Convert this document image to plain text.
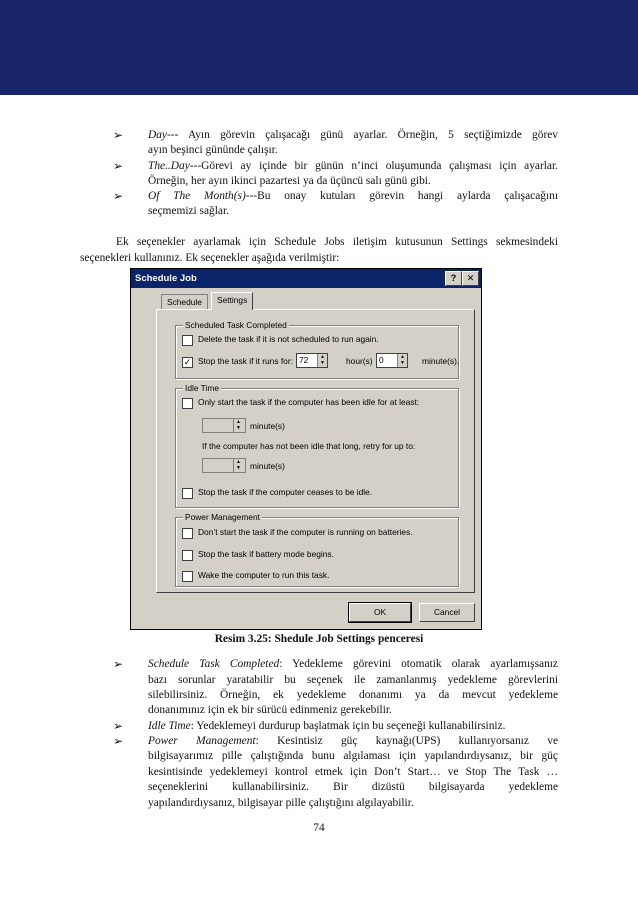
➢ Day--- Ayın görevin çalışacağı günü ayarlar. Örneğin, 5 seçtiğimizde görev
ayın beşinci gününde çalışır.
➢ The..Day---Görevi ay içinde bir günün n’inci oluşumunda çalışması için ayarlar.
Örneğin, her ayın ikinci pazartesi ya da üçüncü salı günü gibi.
➢ Of The Month(s)---Bu onay kutuları görevin hangi aylarda çalışacağını
seçmemizi sağlar.
Ek seçenekler ayarlamak için Schedule Jobs iletişim kutusunun Settings sekmesindeki
seçenekleri kullanınız. Ek seçenekler aşağıda verilmiştir:
Schedule Job	?	✕
Schedule	Settings
Scheduled Task Completed
Delete the task if it is not scheduled to run again.
✓ Stop the task if it runs for: 72	▲
▼	hour(s) 0	▲
▼ minute(s).
Idle Time
Only start the task if the computer has been idle for at least:
▲
▼ minute(s)
If the computer has not been idle that long, retry for up to:
▲
▼ minute(s)
Stop the task if the computer ceases to be idle.
Power Management
Don’t start the task if the computer is running on batteries.
Stop the task if battery mode begins.
Wake the computer to run this task.
OK	Cancel
Resim 3.25: Shedule Job Settings penceresi
➢ Schedule Task Completed: Yedekleme görevini otomatik olarak ayarlamışsanız
bazı sorunlar yaratabilir bu seçenek ile zamanlanmış yedekleme görevlerini
silebilirsiniz. Örneğin, ek yedekleme donanımı ya da mevcut yedekleme
donanımınız için ek bir sürücü edinmeniz gerekebilir.
➢ Idle Time: Yedeklemeyi durdurup başlatmak için bu seçeneği kullanabilirsiniz.
➢ Power Management: Kesintisiz güç kaynağı(UPS) kullanıyorsanız ve
bilgisayarımız pille çalıştığında bunu algılaması için yapılandırdıysanız, bir güç
kesintisinde yedeklemeyi kontrol etmek için Don’t Start… ve Stop The Task …
seçeneklerini kullanabilirsiniz. Bir dizüstü bilgisayarda yedekleme
yapılandırdıysanız, bilgisayar pille çalıştığını algılayabilir.
74
